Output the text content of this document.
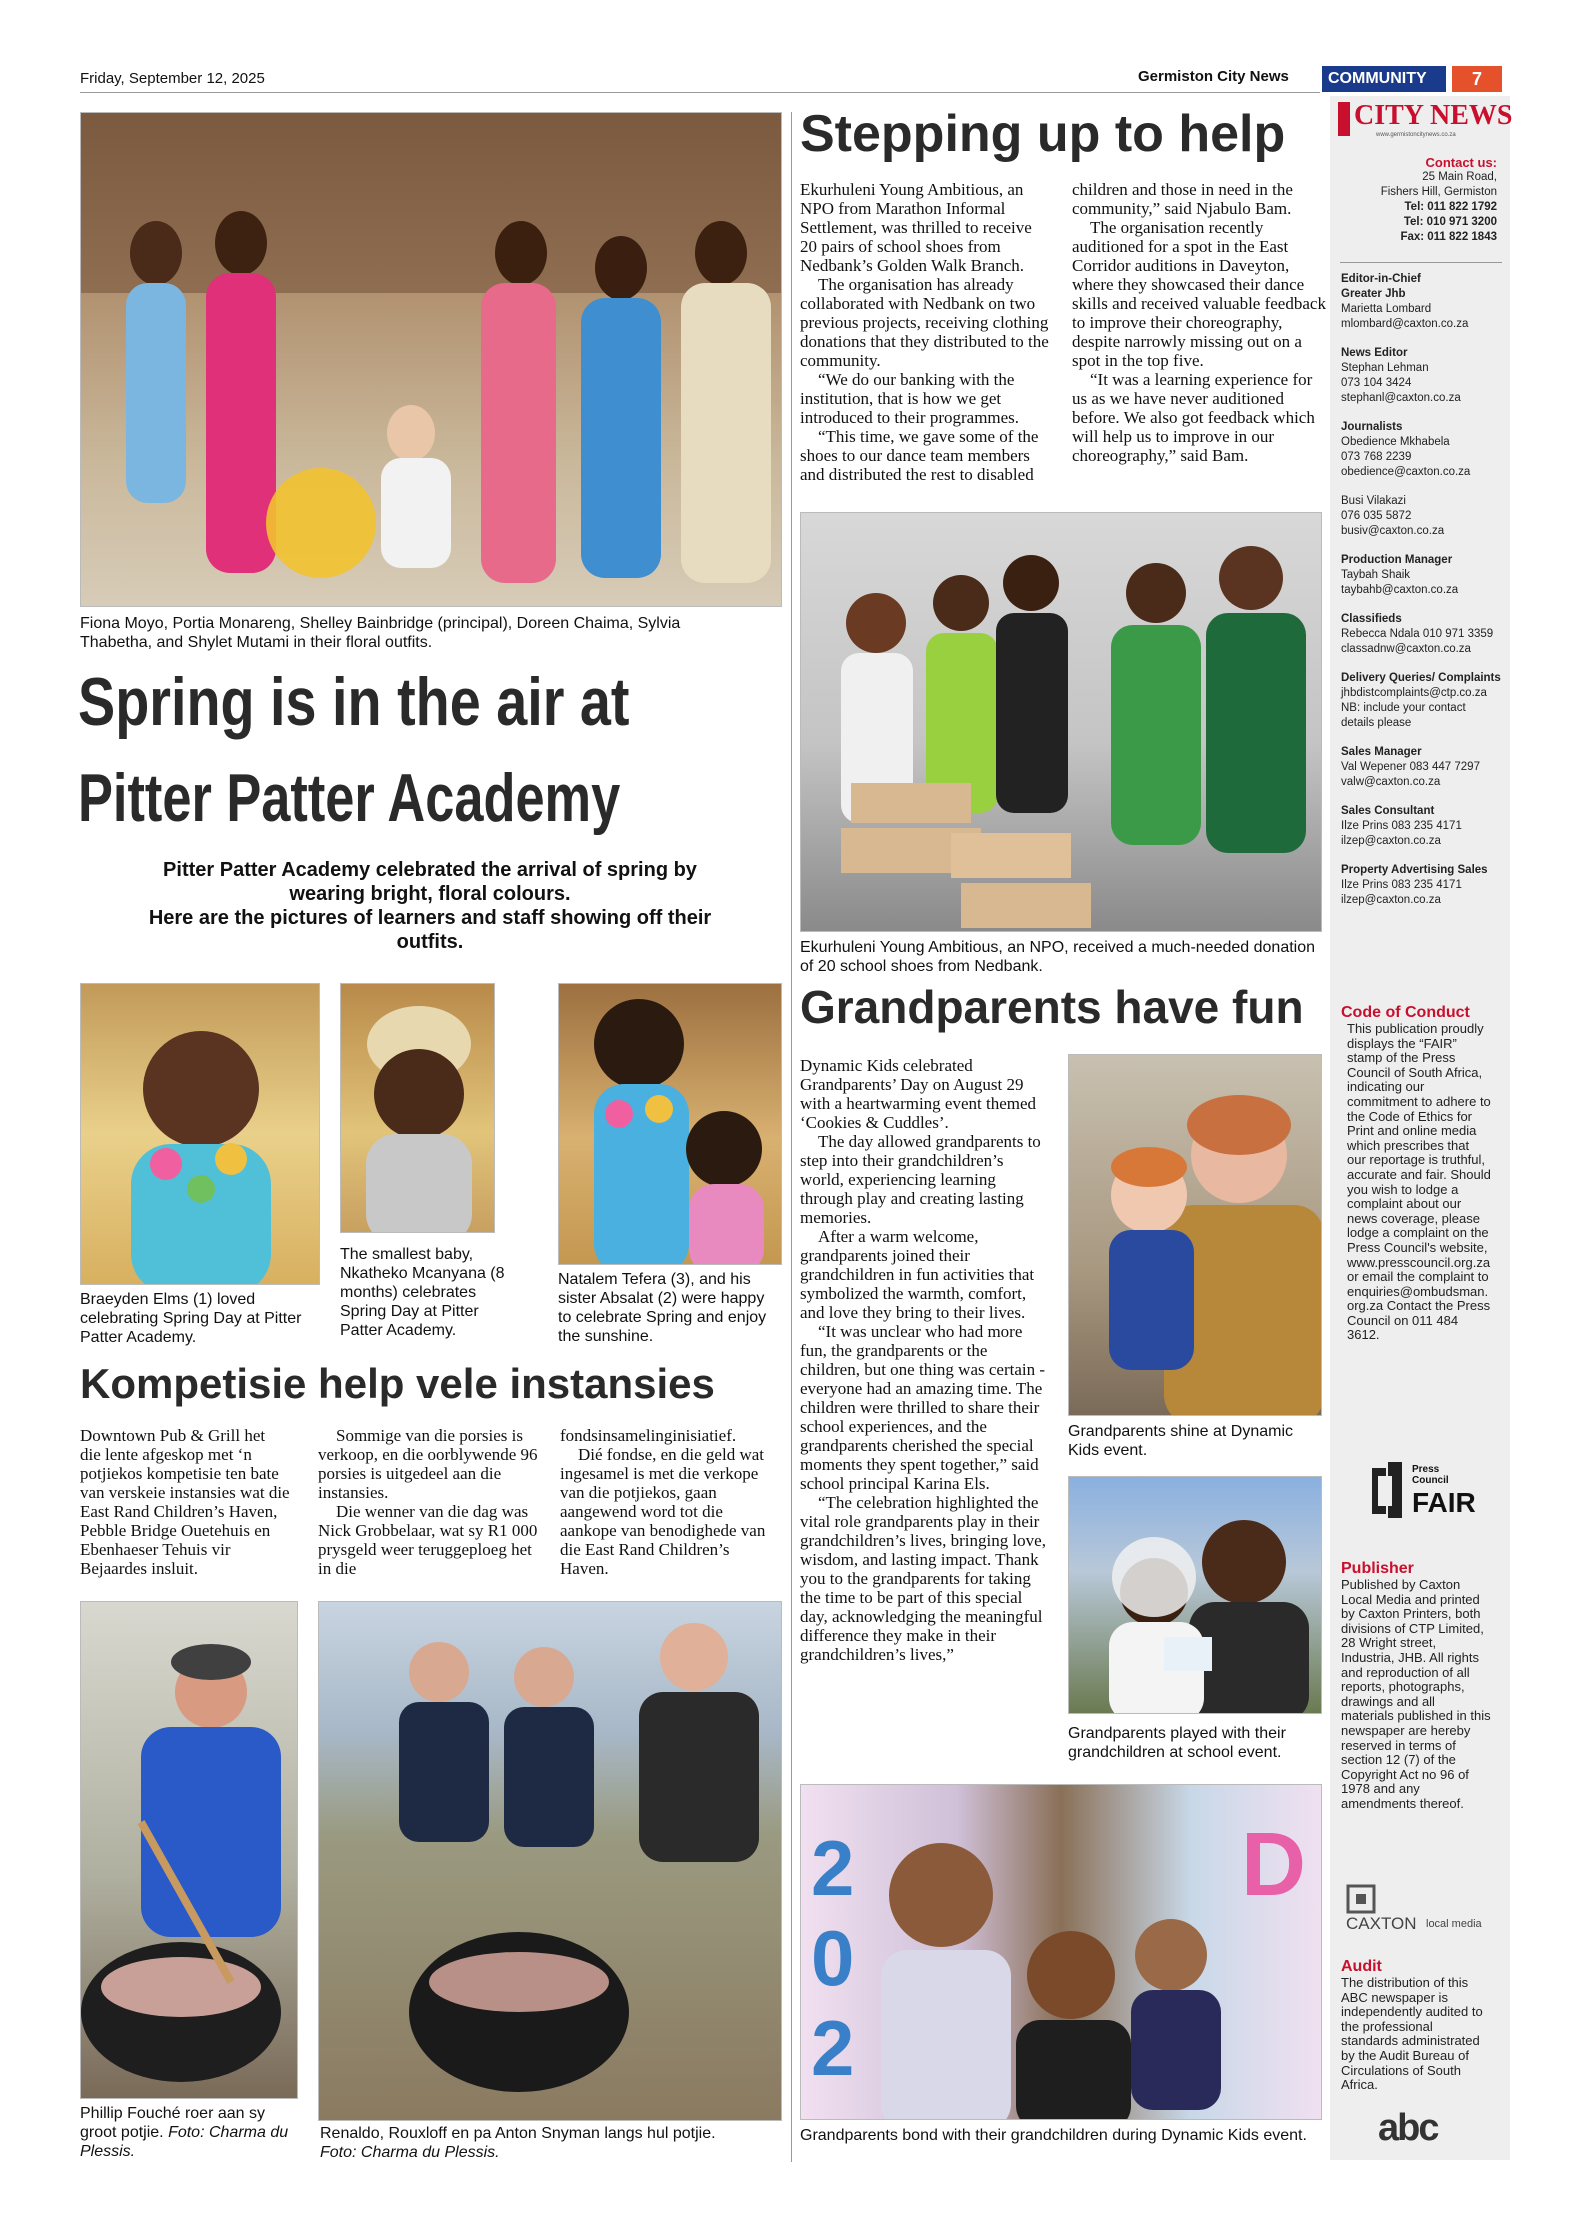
Friday, September 12, 2025	Germiston City News	COMMUNITY	7
Fiona Moyo, Portia Monareng, Shelley Bainbridge (principal), Doreen Chaima, Sylvia Thabetha, and Shylet Mutami in their floral outfits.
Spring is in the air at
Pitter Patter Academy
Pitter Patter Academy celebrated the arrival of spring by
wearing bright, floral colours.
Here are the pictures of learners and staff showing off their
outfits.
Braeyden Elms (1) loved celebrating Spring Day at Pitter Patter Academy.
The smallest baby, Nkatheko Mcanyana (8 months) celebrates Spring Day at Pitter Patter Academy.
Natalem Tefera (3), and his sister Absalat (2) were happy to celebrate Spring and enjoy the sunshine.
Kompetisie help vele instansies

Downtown Pub & Grill het die lente afgeskop met ‘n potjiekos kompetisie ten bate van verskeie instansies wat die East Rand Children’s Haven, Pebble Bridge Ouetehuis en Ebenhaeser Tehuis vir Bejaardes insluit.

Sommige van die porsies is verkoop, en die oorblywende 96 porsies is uitgedeel aan die instansies.

Die wenner van die dag was Nick Grobbelaar, wat sy R1 000 prysgeld weer teruggeploeg het in die

fondsinsamelinginisiatief.

Dié fondse, en die geld wat ingesamel is met die verkope van die potjiekos, gaan aangewend word tot die aankope van benodighede van die East Rand Children’s Haven.

Phillip Fouché roer aan sy groot potjie. Foto: Charma du Plessis.
Renaldo, Rouxloff en pa Anton Snyman langs hul potjie.
Foto: Charma du Plessis.
Stepping up to help

Ekurhuleni Young Ambitious, an NPO from Marathon Informal Settlement, was thrilled to receive 20 pairs of school shoes from Nedbank’s Golden Walk Branch.

The organisation has already collaborated with Nedbank on two previous projects, receiving clothing donations that they distributed to the community.

“We do our banking with the institution, that is how we get introduced to their programmes.

“This time, we gave some of the shoes to our dance team members and distributed the rest to disabled

children and those in need in the community,” said Njabulo Bam.

The organisation recently auditioned for a spot in the East Corridor auditions in Daveyton, where they showcased their dance skills and received valuable feedback to improve their choreography, despite narrowly missing out on a spot in the top five.

“It was a learning experience for us as we have never auditioned before. We also got feedback which will help us to improve in our choreography,” said Bam.

Ekurhuleni Young Ambitious, an NPO, received a much-needed donation of 20 school shoes from Nedbank.
Grandparents have fun

Dynamic Kids celebrated Grandparents’ Day on August 29 with a heartwarming event themed ‘Cookies & Cuddles’.

The day allowed grandparents to step into their grandchildren’s world, experiencing learning through play and creating lasting memories.

After a warm welcome, grandparents joined their grandchildren in fun activities that symbolized the warmth, comfort, and love they bring to their lives.

“It was unclear who had more fun, the grandparents or the children, but one thing was certain - everyone had an amazing time. The children were thrilled to share their school experiences, and the grandparents cherished the special moments they spent together,” said school principal Karina Els.

“The celebration highlighted the vital role grandparents play in their grandchildren’s lives, bringing love, wisdom, and lasting impact. Thank you to the grandparents for taking the time to be part of this special day, acknowledging the meaningful difference they make in their grandchildren’s lives,”

Grandparents shine at Dynamic Kids event.
Grandparents played with their grandchildren at school event.
2
0
2
D
Grandparents bond with their grandchildren during Dynamic Kids event.
CITY NEWS
www.germistoncitynews.co.za
Contact us:
25 Main Road,
Fishers Hill, Germiston
Tel: 011 822 1792
Tel: 010 971 3200
Fax: 011 822 1843
Editor-in-Chief
Greater Jhb
Marietta Lombard
mlombard@caxton.co.za
News Editor
Stephan Lehman
073 104 3424
stephanl@caxton.co.za
Journalists
Obedience Mkhabela
073 768 2239
obedience@caxton.co.za
Busi Vilakazi
076 035 5872
busiv@caxton.co.za
Production Manager
Taybah Shaik
taybahb@caxton.co.za
Classifieds
Rebecca Ndala 010 971 3359
classadnw@caxton.co.za
Delivery Queries/ Complaints
jhbdistcomplaints@ctp.co.za
NB: include your contact
details please
Sales Manager
Val Wepener 083 447 7297
valw@caxton.co.za
Sales Consultant
Ilze Prins 083 235 4171
ilzep@caxton.co.za
Property Advertising Sales
Ilze Prins 083 235 4171
ilzep@caxton.co.za
Code of Conduct
This publication proudly displays the “FAIR” stamp of the Press Council of South Africa, indicating our commitment to adhere to the Code of Ethics for Print and online media which prescribes that our reportage is truthful, accurate and fair. Should you wish to lodge a complaint about our news coverage, please lodge a complaint on the Press Council's website, www.presscouncil.org.za or email the complaint to enquiries@ombudsman.org.za Contact the Press Council on 011 484 3612.
Press Council
FAIR
Publisher
Published by Caxton Local Media and printed by Caxton Printers, both divisions of CTP Limited, 28 Wright street, Industria, JHB. All rights and reproduction of all reports, photographs, drawings and all materials published in this newspaper are hereby reserved in terms of section 12 (7) of the Copyright Act no 96 of 1978 and any amendments thereof.
CAXTON local media
Audit
The distribution of this ABC newspaper is independently audited to the professional standards administrated by the Audit Bureau of Circulations of South Africa.
abc
